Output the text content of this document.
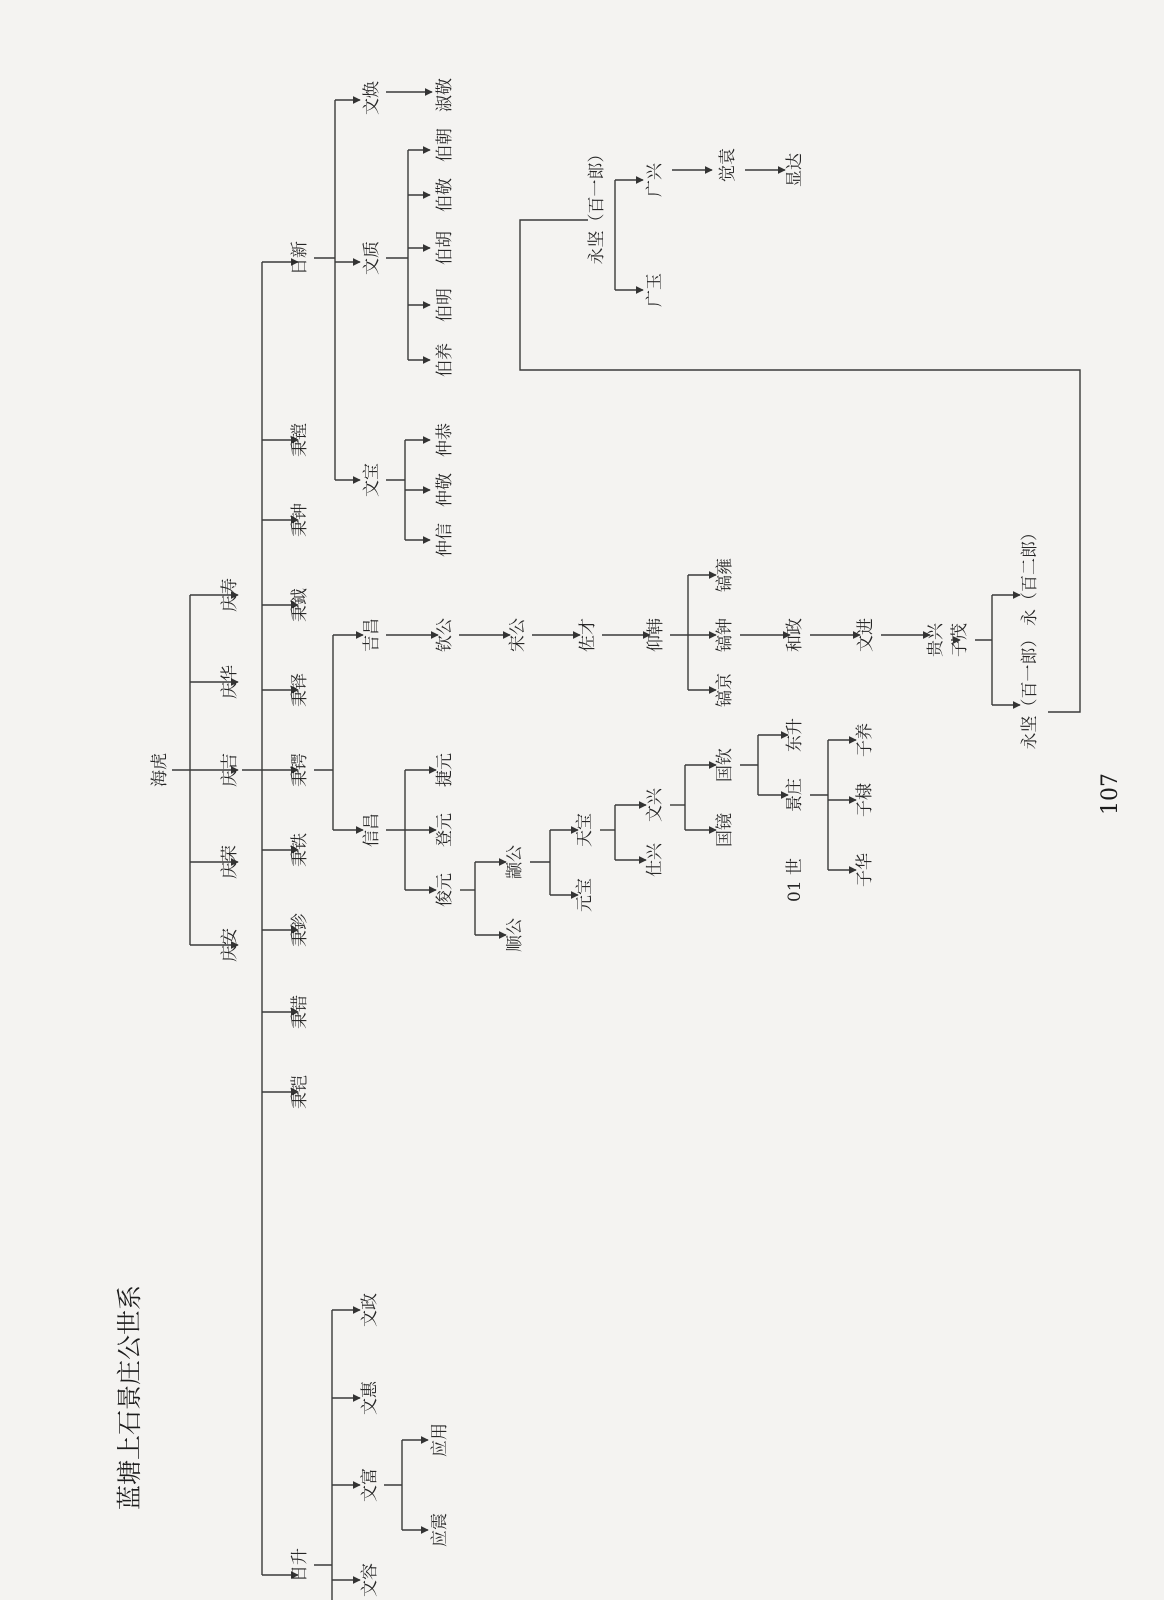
蓝塘上石景庄公世系
107
海虎
庆安
庆荣
庆吉
庆华
庆寿
日升
秉铠
秉错
秉鉁
秉铁
秉锷
秉铎
秉鉞
秉钟
秉镗
日新
文容
文富
文惠
文政
应震
应用
信昌
吉昌
俊元
登元
捷元
顺公
颛公
元宝
天宝
仕兴
文兴
国镜
国钦
景庄
东升
子华
子棣
子养
01 世
钦公	宋公	佐才	仰韩
镐京
镐钟
镐雍
和政	文进	贵兴 子茂	永坚（百一郎）
永（百二郎）
永坚（百一郎）
广玉
广兴	觉袁	显达
文宝
文质
文焕
仲信
仲敬
仲恭
伯养
伯明
伯胡
伯敬
伯朝
淑敬
